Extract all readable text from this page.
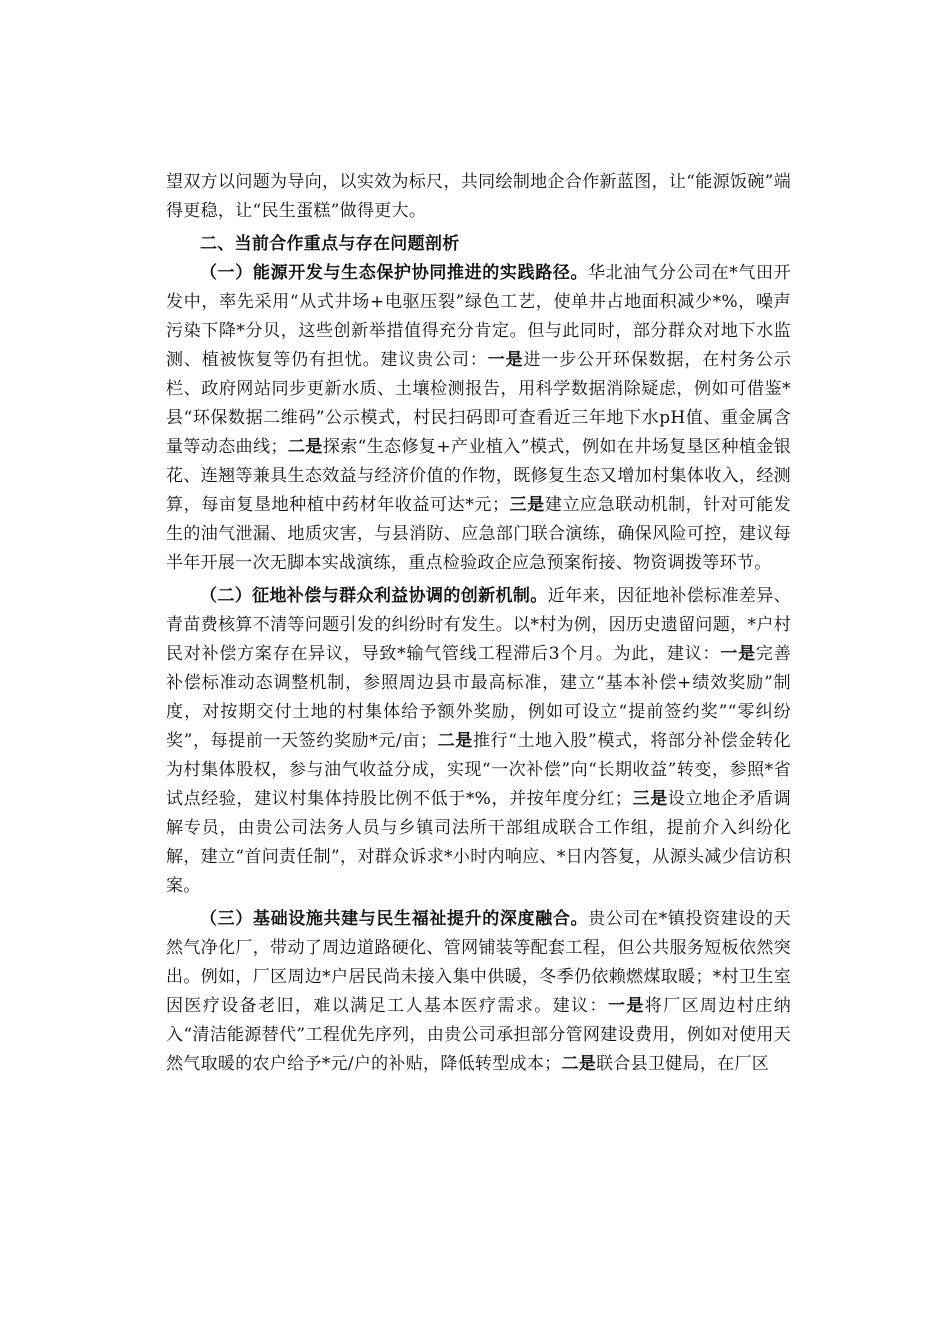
望双方以问题为导向，以实效为标尺，共同绘制地企合作新蓝图，让“能源饭碗”端得更稳，让“民生蛋糕”做得更大。

二、当前合作重点与存在问题剖析

（一）能源开发与生态保护协同推进的实践路径。华北油气分公司在*气田开发中，率先采用“从式井场+电驱压裂”绿色工艺，使单井占地面积减少*%，噪声污染下降*分贝，这些创新举措值得充分肯定。但与此同时，部分群众对地下水监测、植被恢复等仍有担忧。建议贵公司：一是进一步公开环保数据，在村务公示栏、政府网站同步更新水质、土壤检测报告，用科学数据消除疑虑，例如可借鉴*县“环保数据二维码”公示模式，村民扫码即可查看近三年地下水pH值、重金属含量等动态曲线；二是探索“生态修复+产业植入”模式，例如在井场复垦区种植金银花、连翘等兼具生态效益与经济价值的作物，既修复生态又增加村集体收入，经测算，每亩复垦地种植中药材年收益可达*元；三是建立应急联动机制，针对可能发生的油气泄漏、地质灾害，与县消防、应急部门联合演练，确保风险可控，建议每半年开展一次无脚本实战演练，重点检验政企应急预案衔接、物资调拨等环节。

（二）征地补偿与群众利益协调的创新机制。近年来，因征地补偿标准差异、青苗费核算不清等问题引发的纠纷时有发生。以*村为例，因历史遗留问题，*户村民对补偿方案存在异议，导致*输气管线工程滞后3个月。为此，建议：一是完善补偿标准动态调整机制，参照周边县市最高标准，建立“基本补偿+绩效奖励”制度，对按期交付土地的村集体给予额外奖励，例如可设立“提前签约奖”“零纠纷奖”，每提前一天签约奖励*元/亩；二是推行“土地入股”模式，将部分补偿金转化为村集体股权，参与油气收益分成，实现“一次补偿”向“长期收益”转变，参照*省试点经验，建议村集体持股比例不低于*%，并按年度分红；三是设立地企矛盾调解专员，由贵公司法务人员与乡镇司法所干部组成联合工作组，提前介入纠纷化解，建立“首问责任制”，对群众诉求*小时内响应、*日内答复，从源头减少信访积案。

（三）基础设施共建与民生福祉提升的深度融合。贵公司在*镇投资建设的天然气净化厂，带动了周边道路硬化、管网铺装等配套工程，但公共服务短板依然突出。例如，厂区周边*户居民尚未接入集中供暖，冬季仍依赖燃煤取暖；*村卫生室因医疗设备老旧，难以满足工人基本医疗需求。建议：一是将厂区周边村庄纳入“清洁能源替代”工程优先序列，由贵公司承担部分管网建设费用，例如对使用天然气取暖的农户给予*元/户的补贴，降低转型成本；二是联合县卫健局，在厂区
